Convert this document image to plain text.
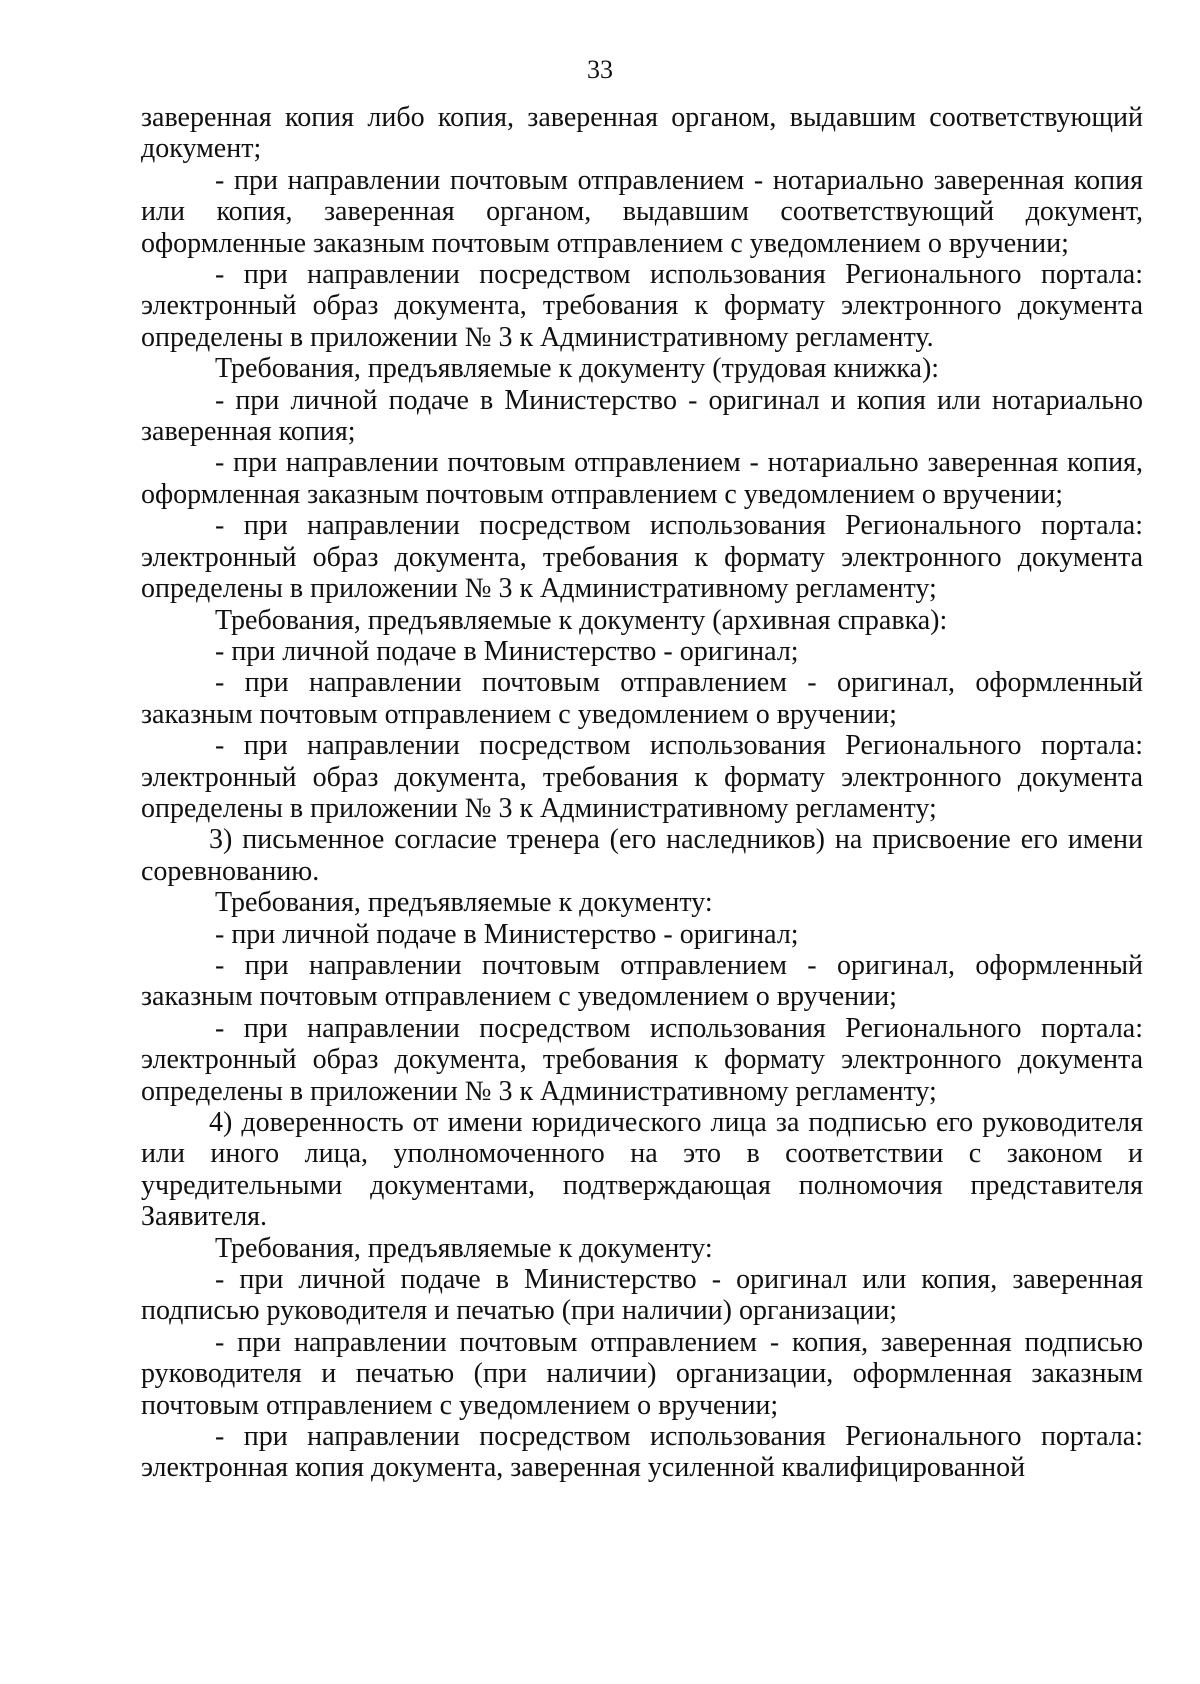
33

заверенная копия либо копия, заверенная органом, выдавшим соответствующий документ;

- при направлении почтовым отправлением - нотариально заверенная копия или копия, заверенная органом, выдавшим соответствующий документ, оформленные заказным почтовым отправлением с уведомлением о вручении;

- при направлении посредством использования Регионального портала: электронный образ документа, требования к формату электронного документа определены в приложении № 3 к Административному регламенту.

Требования, предъявляемые к документу (трудовая книжка):

- при личной подаче в Министерство - оригинал и копия или нотариально заверенная копия;

- при направлении почтовым отправлением - нотариально заверенная копия, оформленная заказным почтовым отправлением с уведомлением о вручении;

- при направлении посредством использования Регионального портала: электронный образ документа, требования к формату электронного документа определены в приложении № 3 к Административному регламенту;

Требования, предъявляемые к документу (архивная справка):

- при личной подаче в Министерство - оригинал;

- при направлении почтовым отправлением - оригинал, оформленный заказным почтовым отправлением с уведомлением о вручении;

- при направлении посредством использования Регионального портала: электронный образ документа, требования к формату электронного документа определены в приложении № 3 к Административному регламенту;

3) письменное согласие тренера (его наследников) на присвоение его имени соревнованию.

Требования, предъявляемые к документу:

- при личной подаче в Министерство - оригинал;

- при направлении почтовым отправлением - оригинал, оформленный заказным почтовым отправлением с уведомлением о вручении;

- при направлении посредством использования Регионального портала: электронный образ документа, требования к формату электронного документа определены в приложении № 3 к Административному регламенту;

4) доверенность от имени юридического лица за подписью его руководителя или иного лица, уполномоченного на это в соответствии с законом и учредительными документами, подтверждающая полномочия представителя Заявителя.

Требования, предъявляемые к документу:

- при личной подаче в Министерство - оригинал или копия, заверенная подписью руководителя и печатью (при наличии) организации;

- при направлении почтовым отправлением - копия, заверенная подписью руководителя и печатью (при наличии) организации, оформленная заказным почтовым отправлением с уведомлением о вручении;

- при направлении посредством использования Регионального портала: электронная копия документа, заверенная усиленной квалифицированной
